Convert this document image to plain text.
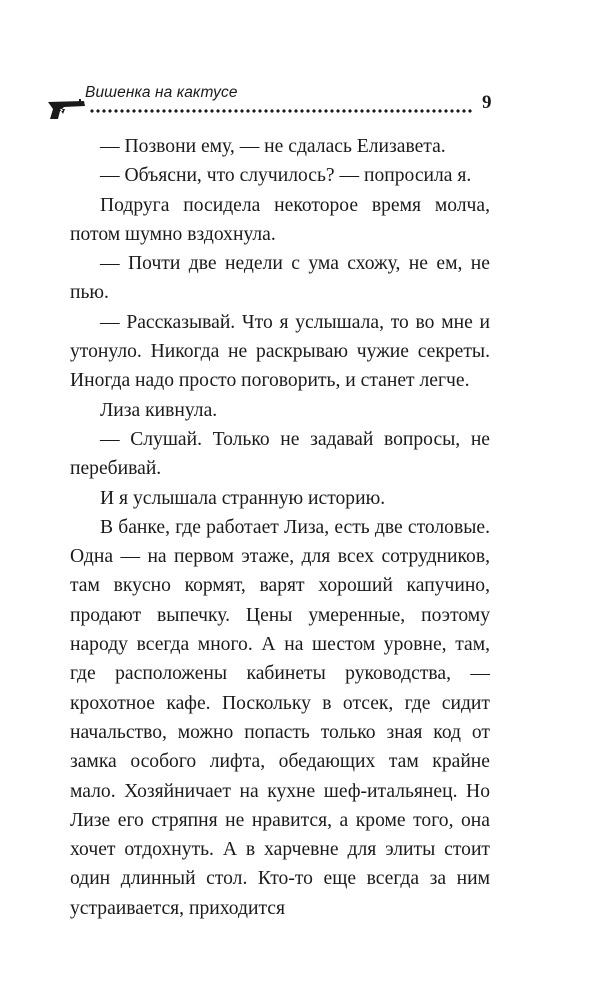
Вишенка на кактусе	9

— Позвони ему, — не сдалась Елизавета.

— Объясни, что случилось? — попросила я.

Подруга посидела некоторое время молча, потом шумно вздохнула.

— Почти две недели с ума схожу, не ем, не пью.

— Рассказывай. Что я услышала, то во мне и утонуло. Никогда не раскрываю чужие секреты. Иногда надо просто поговорить, и станет легче.

Лиза кивнула.

— Слушай. Только не задавай вопросы, не перебивай.

И я услышала странную историю.

В банке, где работает Лиза, есть две столовые. Одна — на первом этаже, для всех сотрудников, там вкусно кормят, варят хороший капучино, продают выпечку. Цены умеренные, поэтому народу всегда много. А на шестом уровне, там, где расположены кабинеты руководства, — крохотное кафе. Поскольку в отсек, где сидит начальство, можно попасть только зная код от замка особого лифта, обедающих там крайне мало. Хозяйничает на кухне шеф-итальянец. Но Лизе его стряпня не нравится, а кроме того, она хочет отдохнуть. А в харчевне для элиты стоит один длинный стол. Кто-то еще всегда за ним устраивается, приходится
